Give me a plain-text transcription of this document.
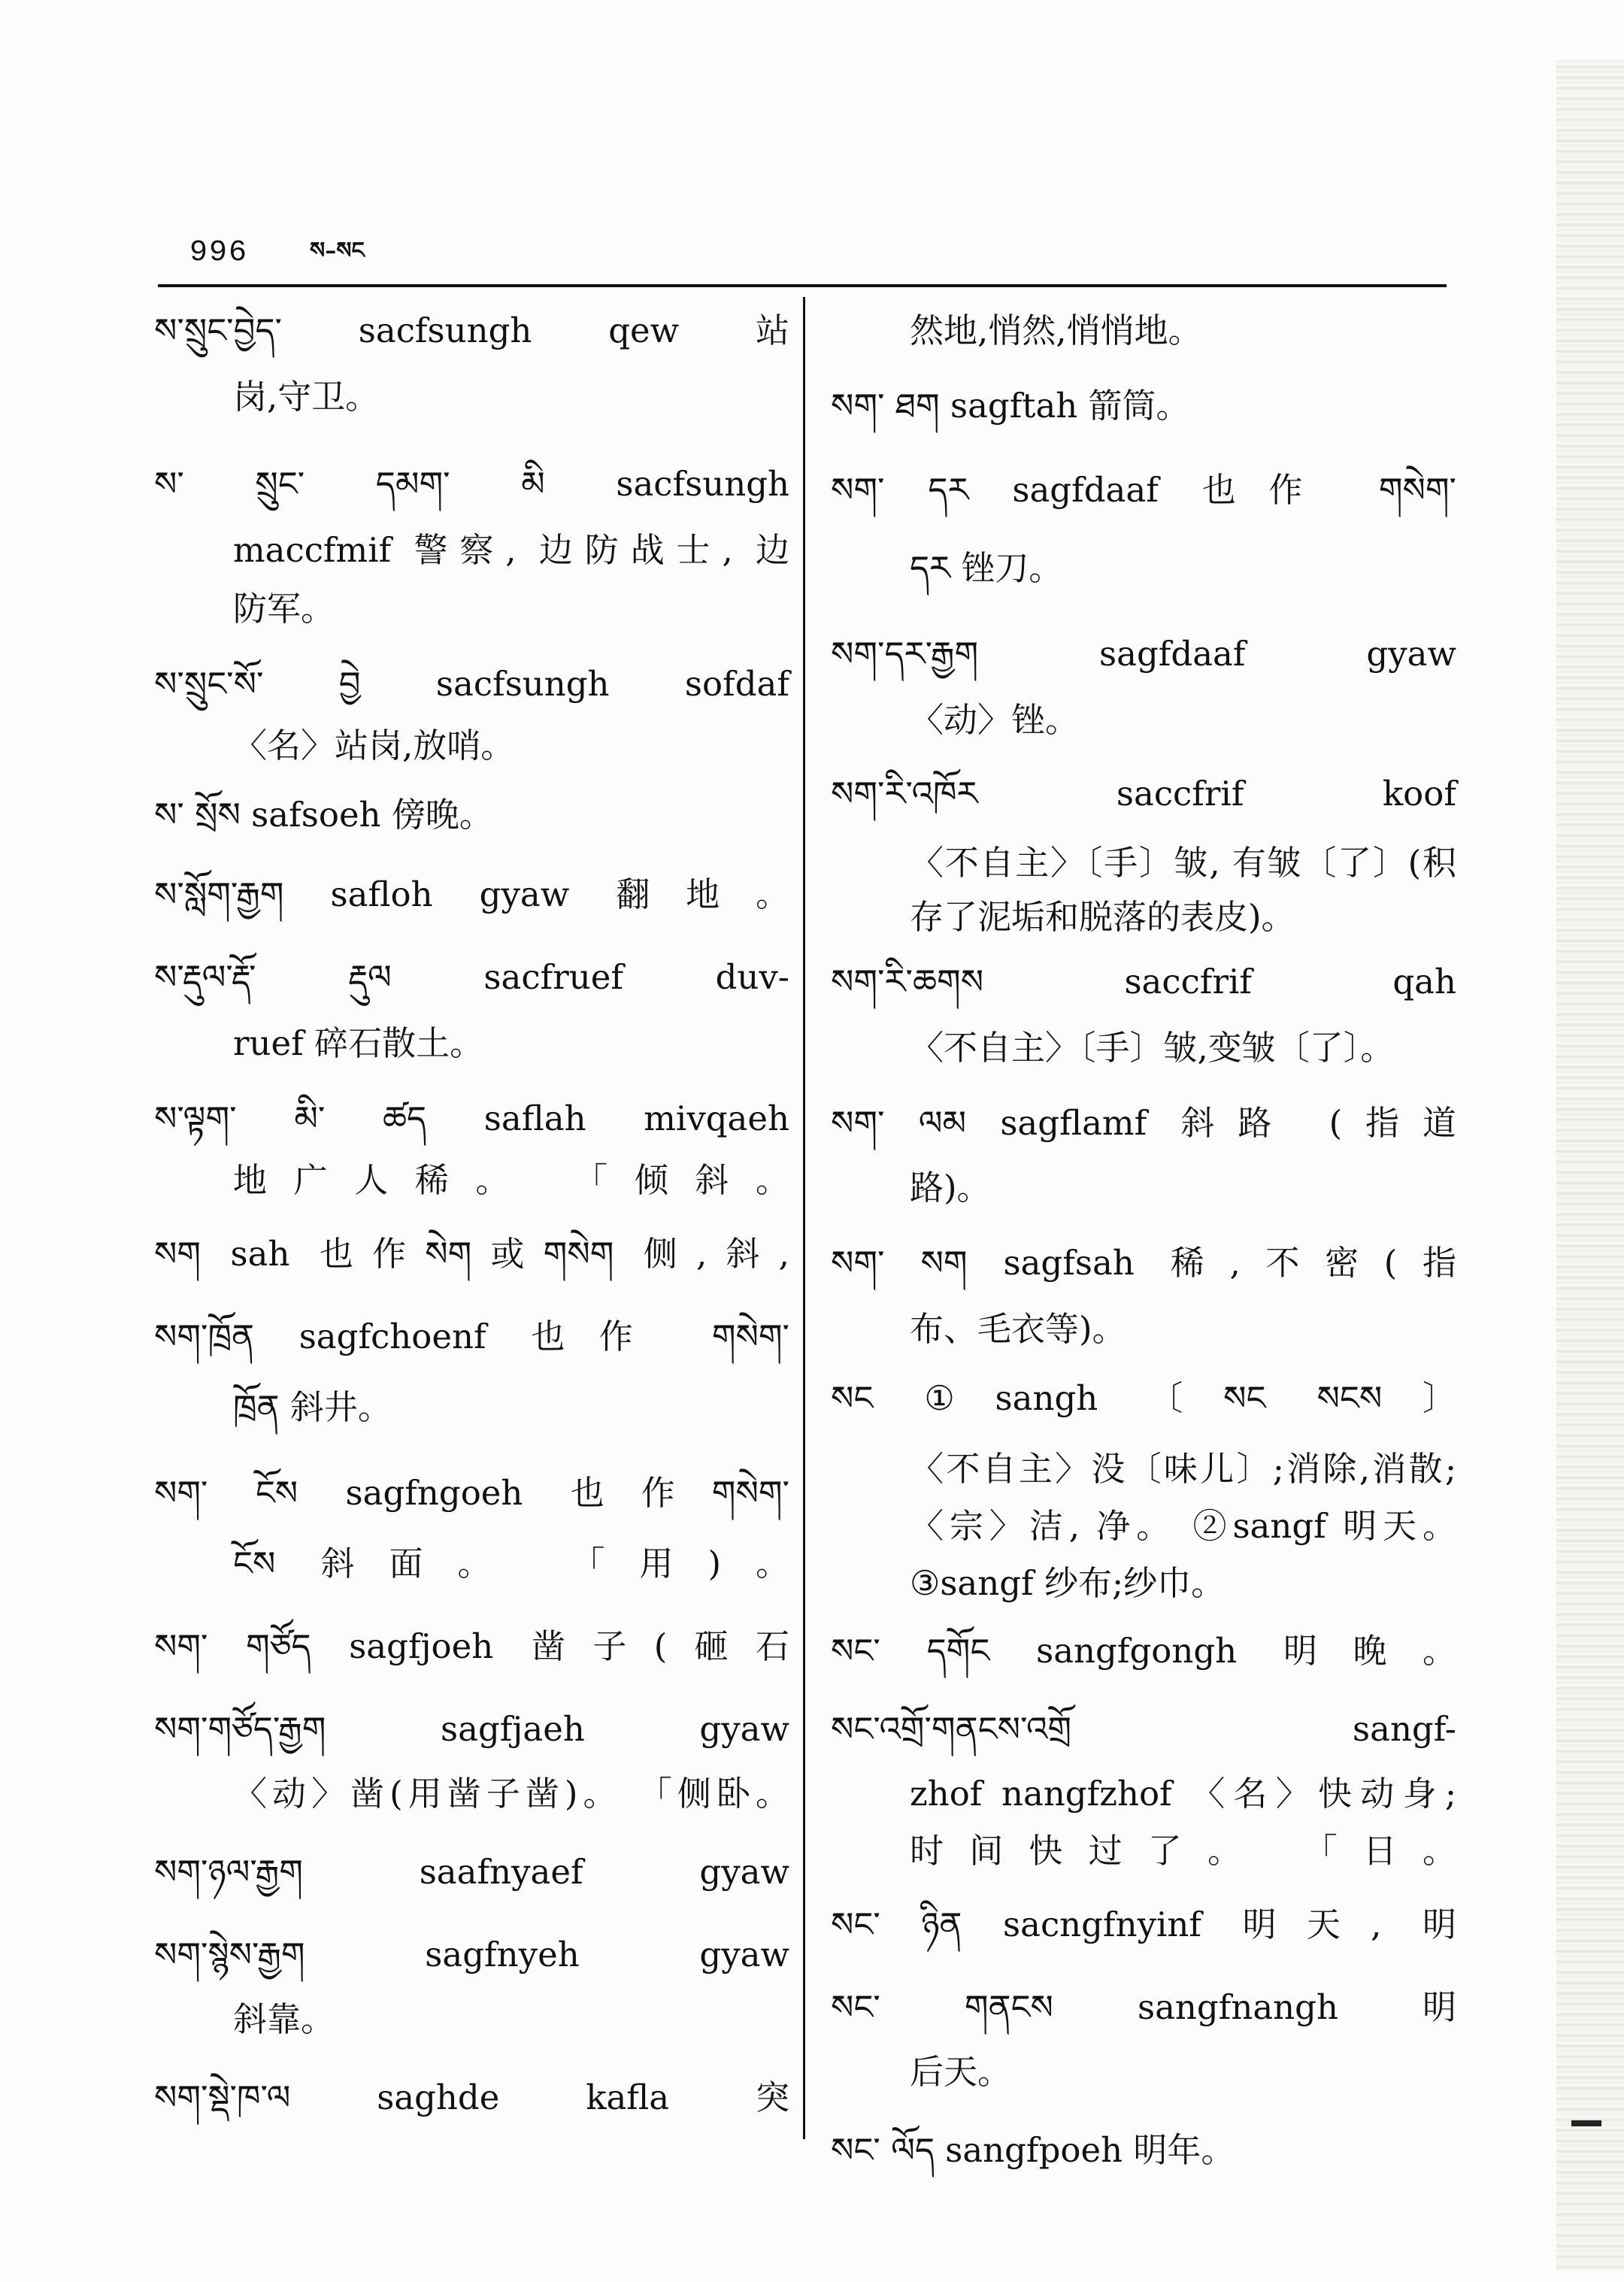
996	ས–སང
ས་སྲུང་བྱེད་ sacfsungh qew 站
岗,守卫。
ས་ སྲུང་ དམག་ མི sacfsungh
maccfmif 警察, 边防战士, 边
防军。
ས་སྲུང་སོ་ བྱེ sacfsungh sofdaf
〈名〉站岗,放哨。
ས་ སྲོས safsoeh 傍晚。
ས་སློག་རྒྱག safloh gyaw 翻地。
ས་རྡུལ་རྡོ་ རྡུལ sacfruef duv-
ruef 碎石散土。
ས་ལྟག་ མི་ ཚད saflah mivqaeh
地广人稀。 「倾斜。
སག sah 也作སེག或གསེག 侧,斜,
སག་ཁྲོན sagfchoenf 也作 གསེག་
ཁྲོན 斜井。
སག་ ངོས sagfngoeh 也作གསེག་
ངོས 斜面。 「用)。
སག་ གཙོད sagfjoeh 凿子(砸石
སག་གཙོད་རྒྱག sagfjaeh gyaw
〈动〉凿(用凿子凿)。 「侧卧。
སག་ཉལ་རྒྱག saafnyaef gyaw
སག་སྙེས་རྒྱག sagfnyeh gyaw
斜靠。
སག་སྡེ་ཁ་ལ saghde kafla 突
然地,悄然,悄悄地。
སག་ ཐག sagftah 箭筒。
སག་ དར sagfdaaf 也作 གསེག་
དར 锉刀。
སག་དར་རྒྱག sagfdaaf gyaw
〈动〉锉。
སག་རི་འཁོར saccfrif koof
〈不自主〉〔手〕皱, 有皱〔了〕(积
存了泥垢和脱落的表皮)。
སག་རི་ཆགས saccfrif qah
〈不自主〉〔手〕皱,变皱〔了〕。
སག་ ལམ sagflamf 斜路 (指道
路)。
སག་ སག sagfsah 稀,不密(指
布、毛衣等)。
སང ①sangh 〔སང སངས〕
〈不自主〉没〔味儿〕;消除,消散;
〈宗〉洁, 净。 ②sangf 明天。
③sangf 纱布;纱巾。
སང་ དགོང sangfgongh 明晚。
སང་འགྲོ་གནངས་འགྲོ sangf-
zhof nangfzhof 〈名〉快动身;
时间快过了。 「日。
སང་ ཉིན sacngfnyinf 明天, 明
སང་ གནངས sangfnangh 明
后天。
སང་ ལོད sangfpoeh 明年。
